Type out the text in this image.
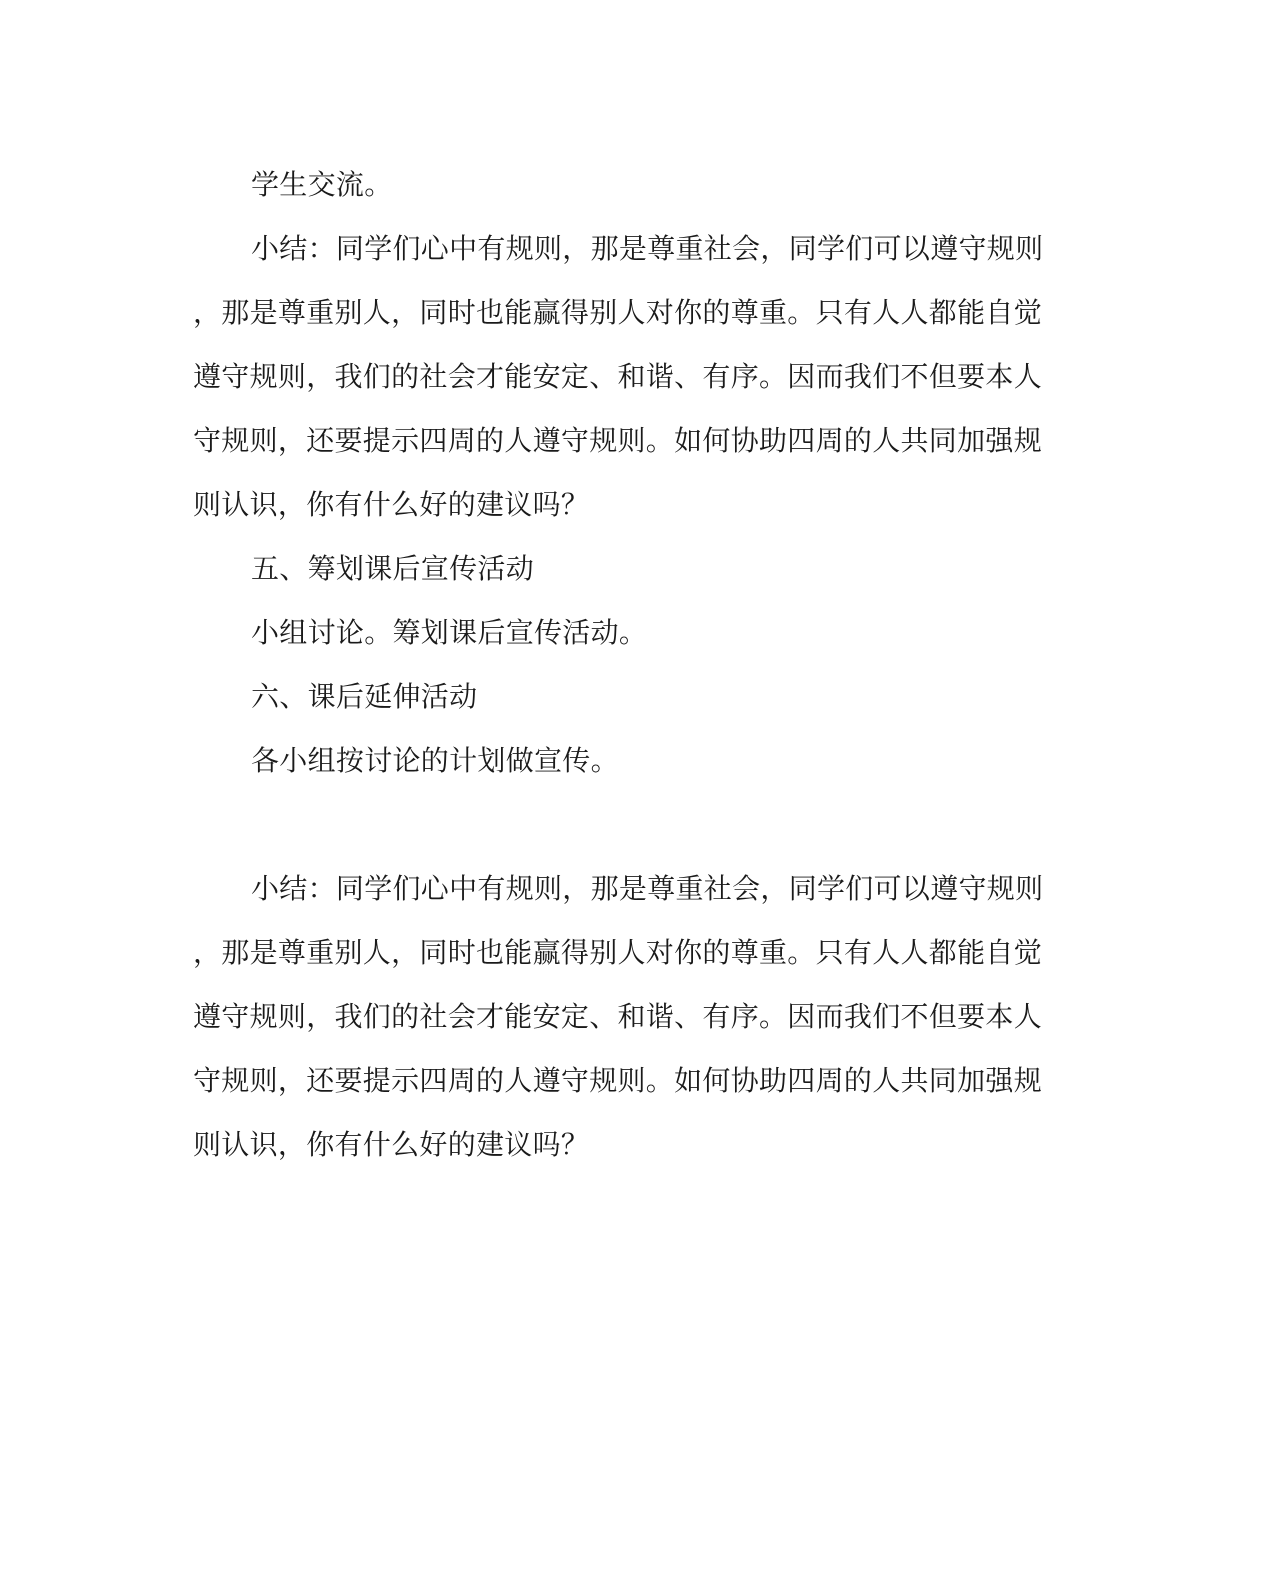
学生交流。
小结：同学们心中有规则，那是尊重社会，同学们可以遵守规则
，那是尊重别人，同时也能赢得别人对你的尊重。只有人人都能自觉
遵守规则，我们的社会才能安定、和谐、有序。因而我们不但要本人
守规则，还要提示四周的人遵守规则。如何协助四周的人共同加强规
则认识，你有什么好的建议吗？
五、筹划课后宣传活动
小组讨论。筹划课后宣传活动。
六、课后延伸活动
各小组按讨论的计划做宣传。
小结：同学们心中有规则，那是尊重社会，同学们可以遵守规则
，那是尊重别人，同时也能赢得别人对你的尊重。只有人人都能自觉
遵守规则，我们的社会才能安定、和谐、有序。因而我们不但要本人
守规则，还要提示四周的人遵守规则。如何协助四周的人共同加强规
则认识，你有什么好的建议吗？
